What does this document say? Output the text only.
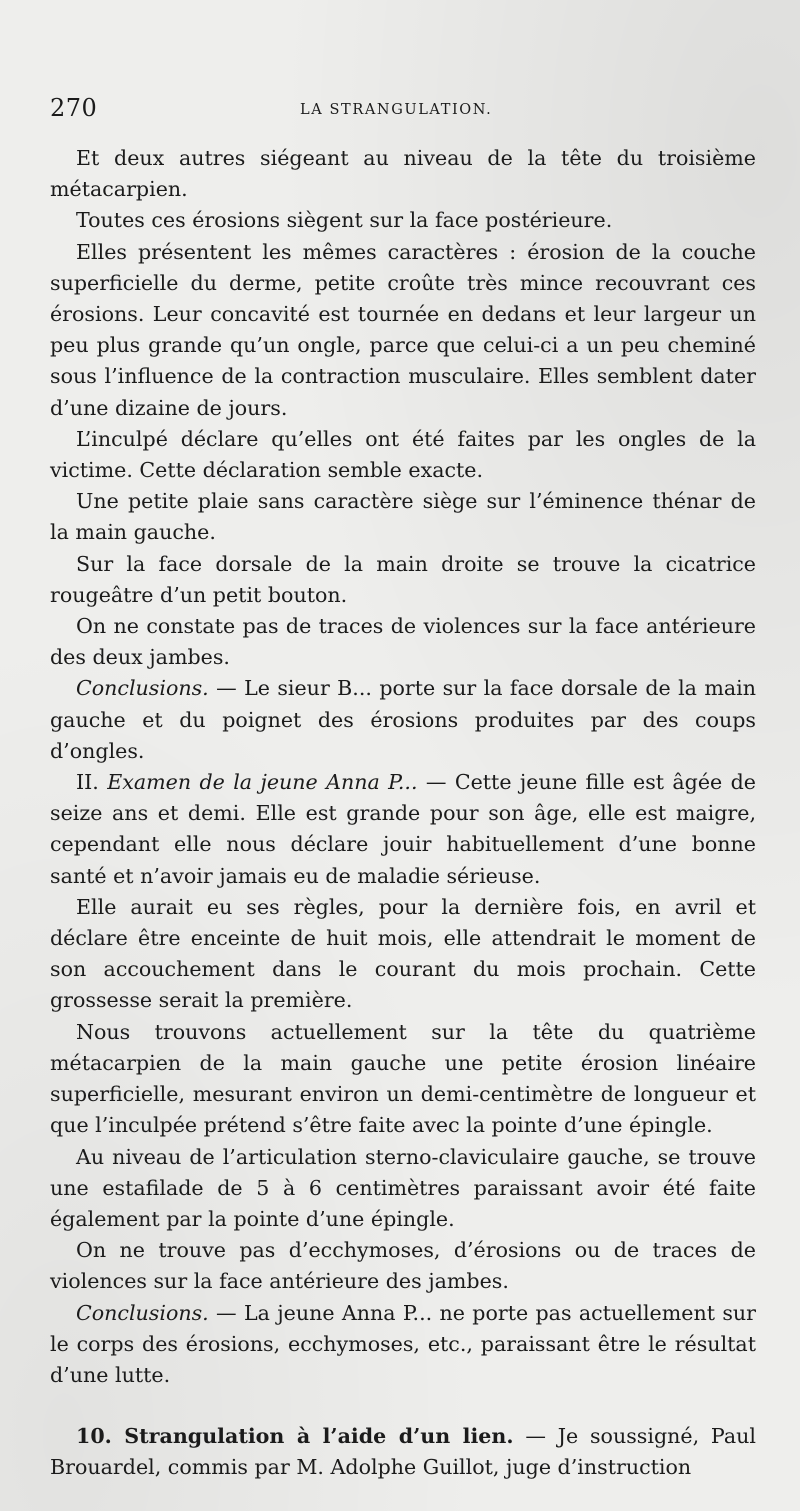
270	LA STRANGULATION.

Et deux autres siégeant au niveau de la tête du troisième métacarpien.

Toutes ces érosions siègent sur la face postérieure.

Elles présentent les mêmes caractères : érosion de la couche superficielle du derme, petite croûte très mince recouvrant ces érosions. Leur concavité est tournée en dedans et leur largeur un peu plus grande qu’un ongle, parce que celui-ci a un peu cheminé sous l’influence de la contraction musculaire. Elles semblent dater d’une dizaine de jours.

L’inculpé déclare qu’elles ont été faites par les ongles de la victime. Cette déclaration semble exacte.

Une petite plaie sans caractère siège sur l’éminence thénar de la main gauche.

Sur la face dorsale de la main droite se trouve la cicatrice rougeâtre d’un petit bouton.

On ne constate pas de traces de violences sur la face antérieure des deux jambes.

Conclusions. — Le sieur B... porte sur la face dorsale de la main gauche et du poignet des érosions produites par des coups d’ongles.

II. Examen de la jeune Anna P... — Cette jeune fille est âgée de seize ans et demi. Elle est grande pour son âge, elle est maigre, cependant elle nous déclare jouir habituellement d’une bonne santé et n’avoir jamais eu de maladie sérieuse.

Elle aurait eu ses règles, pour la dernière fois, en avril et déclare être enceinte de huit mois, elle attendrait le moment de son accouchement dans le courant du mois prochain. Cette grossesse serait la première.

Nous trouvons actuellement sur la tête du quatrième métacarpien de la main gauche une petite érosion linéaire superficielle, mesurant environ un demi-centimètre de longueur et que l’inculpée prétend s’être faite avec la pointe d’une épingle.

Au niveau de l’articulation sterno-claviculaire gauche, se trouve une estafilade de 5 à 6 centimètres paraissant avoir été faite également par la pointe d’une épingle.

On ne trouve pas d’ecchymoses, d’érosions ou de traces de violences sur la face antérieure des jambes.

Conclusions. — La jeune Anna P... ne porte pas actuellement sur le corps des érosions, ecchymoses, etc., paraissant être le résultat d’une lutte.

10. Strangulation à l’aide d’un lien. — Je soussigné, Paul Brouardel, commis par M. Adolphe Guillot, juge d’instruction
